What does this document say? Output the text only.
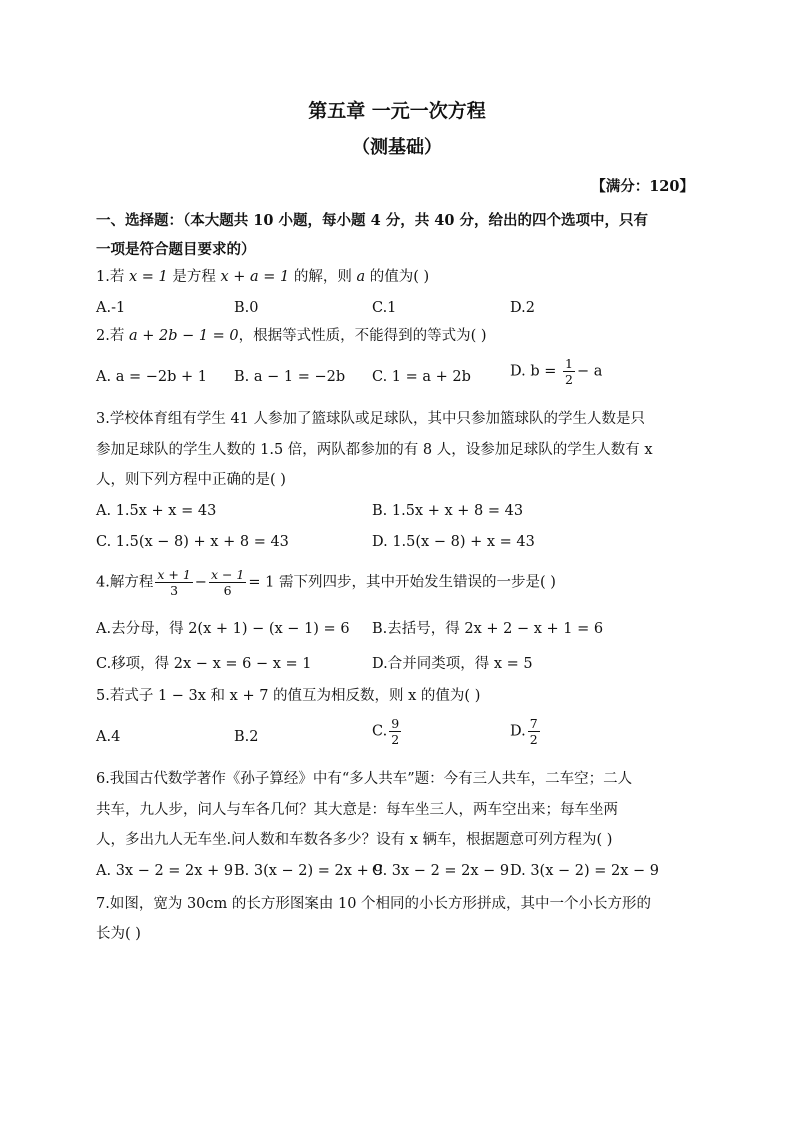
第五章 一元一次方程
（测基础）
【满分：120】
一、选择题：（本大题共 10 小题，每小题 4 分，共 40 分，给出的四个选项中，只有
一项是符合题目要求的）
1.若 x = 1 是方程 x + a = 1 的解，则 a 的值为( )
A.-1	B.0	C.1	D.2
2.若 a + 2b − 1 = 0，根据等式性质，不能得到的等式为( )
A. a = −2b + 1 B. a − 1 = −2b C. 1 = a + 2b	D. $b = \frac{1}{2} - a$
3.学校体育组有学生 41 人参加了篮球队或足球队，其中只参加篮球队的学生人数是只
参加足球队的学生人数的 1.5 倍，两队都参加的有 8 人，设参加足球队的学生人数有 x
人，则下列方程中正确的是( )
A. 1.5x + x = 43	B. 1.5x + x + 8 = 43
C. 1.5(x − 8) + x + 8 = 43	D. 1.5(x − 8) + x = 43
4.解方程 $\frac{x + 1}{3} - \frac{x - 1}{6} = 1$ 需下列四步，其中开始发生错误的一步是( )
A.去分母，得 2(x + 1) − (x − 1) = 6 B.去括号，得 2x + 2 − x + 1 = 6
C.移项，得 2x − x = 6 − x = 1	D.合并同类项，得 x = 5
5.若式子 1 − 3x 和 x + 7 的值互为相反数，则 x 的值为( )
A.4	B.2	C. $\frac{9}{2}$	D. $\frac{7}{2}$
6.我国古代数学著作《孙子算经》中有“多人共车”题：今有三人共车，二车空；二人
共车，九人步，问人与车各几何？其大意是：每车坐三人，两车空出来；每车坐两
人，多出九人无车坐.问人数和车数各多少？设有 x 辆车，根据题意可列方程为( )
A. 3x − 2 = 2x + 9 B. 3(x − 2) = 2x + 9
C. 3x − 2 = 2x − 9 D. 3(x − 2) = 2x − 9
7.如图，宽为 30cm 的长方形图案由 10 个相同的小长方形拼成，其中一个小长方形的
长为( )
